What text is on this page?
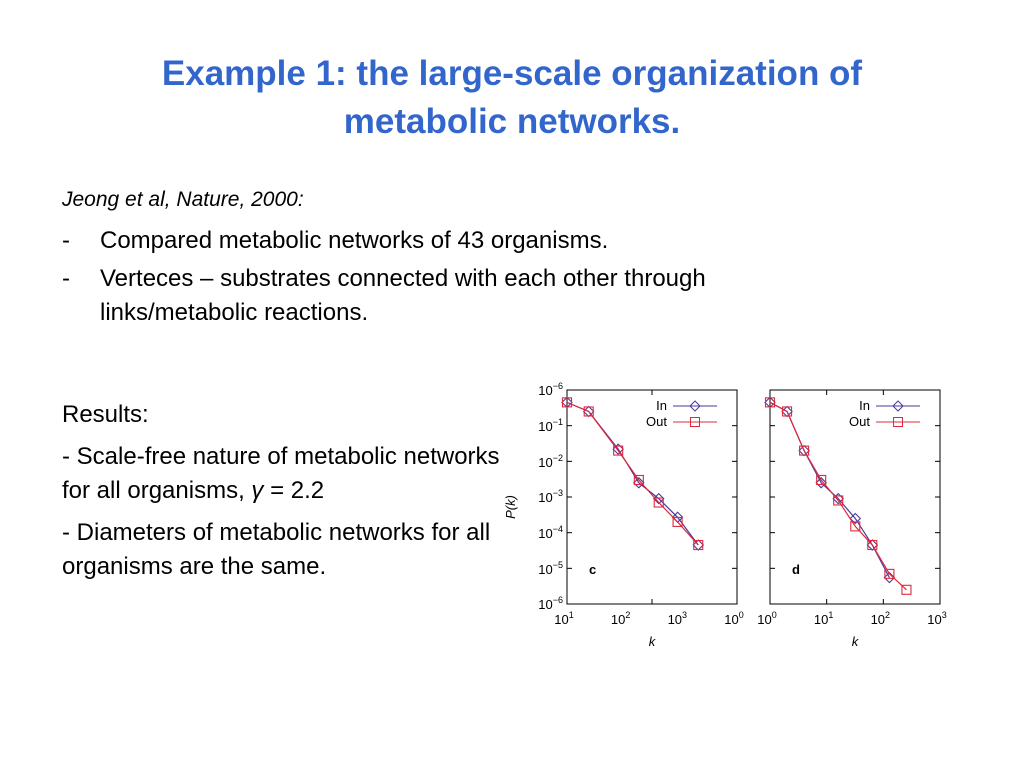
Example 1: the large-scale organization of
metabolic networks.
Jeong et al, Nature, 2000:
- Compared metabolic networks of 43 organisms.
- Verteces – substrates connected with each other through links/metabolic reactions.

Results:

- Scale-free nature of metabolic networks for all organisms, γ = 2.2

- Diameters of metabolic networks for all organisms are the same.

$10^{-6}$
$10^{-1}$
$10^{-2}$
$10^{-3}$
$10^{-4}$
$10^{-5}$
$10^{-6}$
$10^1$	$10^2$	$10^3$	$10^0$
k
P(k)
c
In
Out
$10^0$	$10^1$	$10^2$	$10^3$
k
d
In
Out
